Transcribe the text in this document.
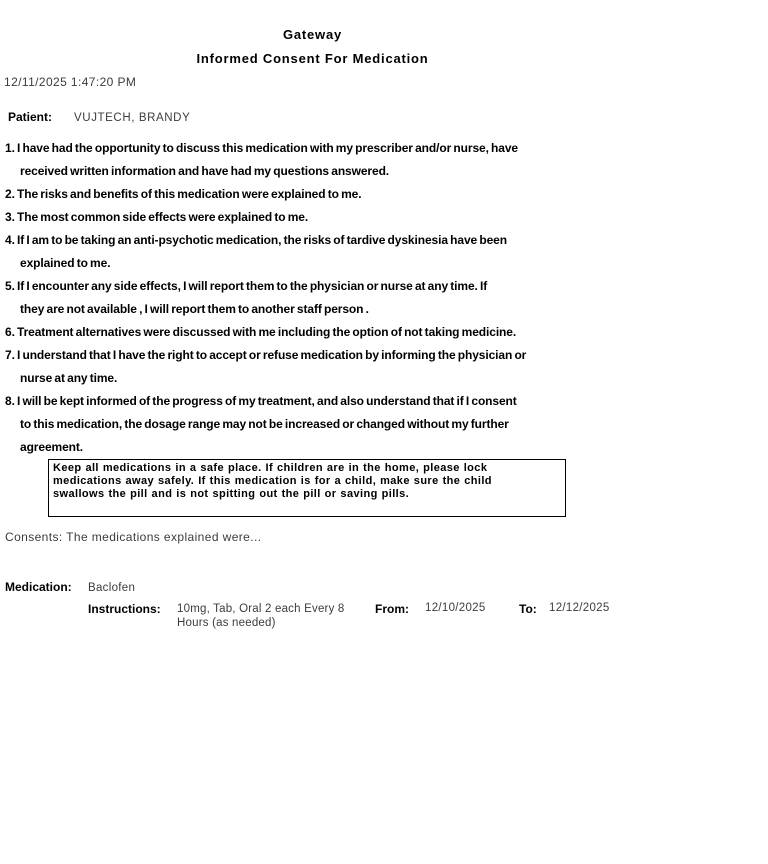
Gateway
Informed Consent For Medication
12/11/2025 1:47:20 PM
Patient: VUJTECH, BRANDY
1. I have had the opportunity to discuss this medication with my prescriber and/or nurse, have
received written information and have had my questions answered.
2. The risks and benefits of this medication were explained to me.
3. The most common side effects were explained to me.
4. If I am to be taking an anti-psychotic medication, the risks of tardive dyskinesia have been
explained to me.
5. If I encounter any side effects, I will report them to the physician or nurse at any time. If
they are not available , I will report them to another staff person .
6. Treatment alternatives were discussed with me including the option of not taking medicine.
7. I understand that I have the right to accept or refuse medication by informing the physician or
nurse at any time.
8. I will be kept informed of the progress of my treatment, and also understand that if I consent
to this medication, the dosage range may not be increased or changed without my further
agreement.
Keep all medications in a safe place. If children are in the home, please lock
medications away safely. If this medication is for a child, make sure the child
swallows the pill and is not spitting out the pill or saving pills.
Consents: The medications explained were...
Medication: Baclofen
Instructions: 10mg, Tab, Oral 2 each Every 8 Hours (as needed)
From: 12/10/2025	To: 12/12/2025
